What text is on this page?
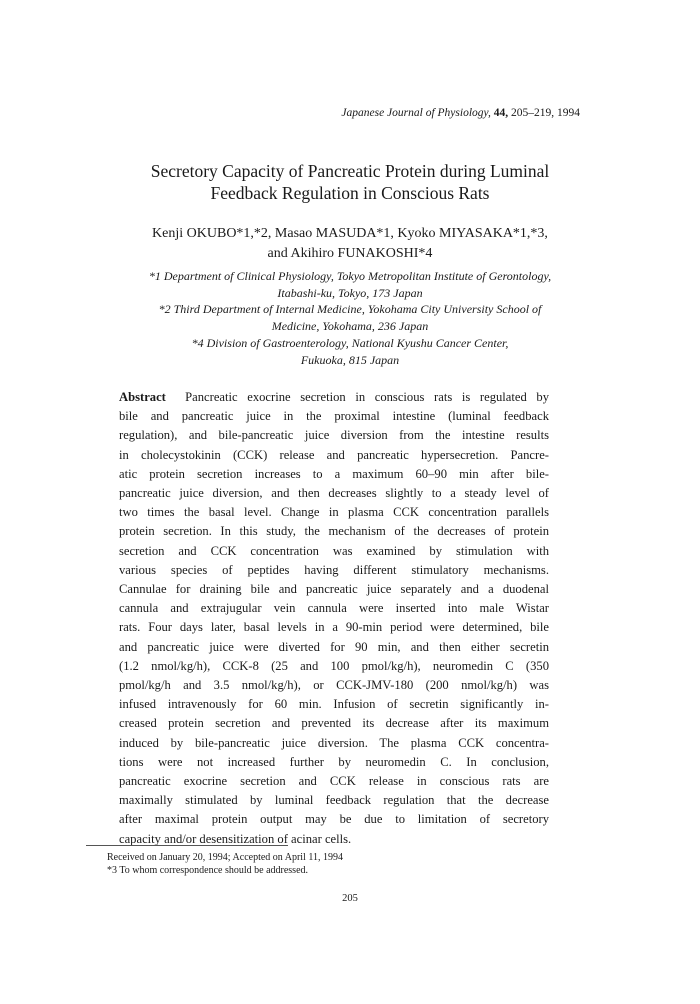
Japanese Journal of Physiology, 44, 205–219, 1994
Secretory Capacity of Pancreatic Protein during Luminal
Feedback Regulation in Conscious Rats
Kenji OKUBO*1,*2, Masao MASUDA*1, Kyoko MIYASAKA*1,*3,
and Akihiro FUNAKOSHI*4
*1 Department of Clinical Physiology, Tokyo Metropolitan Institute of Gerontology,
Itabashi-ku, Tokyo, 173 Japan
*2 Third Department of Internal Medicine, Yokohama City University School of
Medicine, Yokohama, 236 Japan
*4 Division of Gastroenterology, National Kyushu Cancer Center,
Fukuoka, 815 Japan
Abstract Pancreatic exocrine secretion in conscious rats is regulated by
bile and pancreatic juice in the proximal intestine (luminal feedback
regulation), and bile-pancreatic juice diversion from the intestine results
in cholecystokinin (CCK) release and pancreatic hypersecretion. Pancre-
atic protein secretion increases to a maximum 60–90 min after bile-
pancreatic juice diversion, and then decreases slightly to a steady level of
two times the basal level. Change in plasma CCK concentration parallels
protein secretion. In this study, the mechanism of the decreases of protein
secretion and CCK concentration was examined by stimulation with
various species of peptides having different stimulatory mechanisms.
Cannulae for draining bile and pancreatic juice separately and a duodenal
cannula and extrajugular vein cannula were inserted into male Wistar
rats. Four days later, basal levels in a 90-min period were determined, bile
and pancreatic juice were diverted for 90 min, and then either secretin
(1.2 nmol/kg/h), CCK-8 (25 and 100 pmol/kg/h), neuromedin C (350
pmol/kg/h and 3.5 nmol/kg/h), or CCK-JMV-180 (200 nmol/kg/h) was
infused intravenously for 60 min. Infusion of secretin significantly in-
creased protein secretion and prevented its decrease after its maximum
induced by bile-pancreatic juice diversion. The plasma CCK concentra-
tions were not increased further by neuromedin C. In conclusion,
pancreatic exocrine secretion and CCK release in conscious rats are
maximally stimulated by luminal feedback regulation that the decrease
after maximal protein output may be due to limitation of secretory
capacity and/or desensitization of acinar cells.
Received on January 20, 1994; Accepted on April 11, 1994
*3 To whom correspondence should be addressed.
205
